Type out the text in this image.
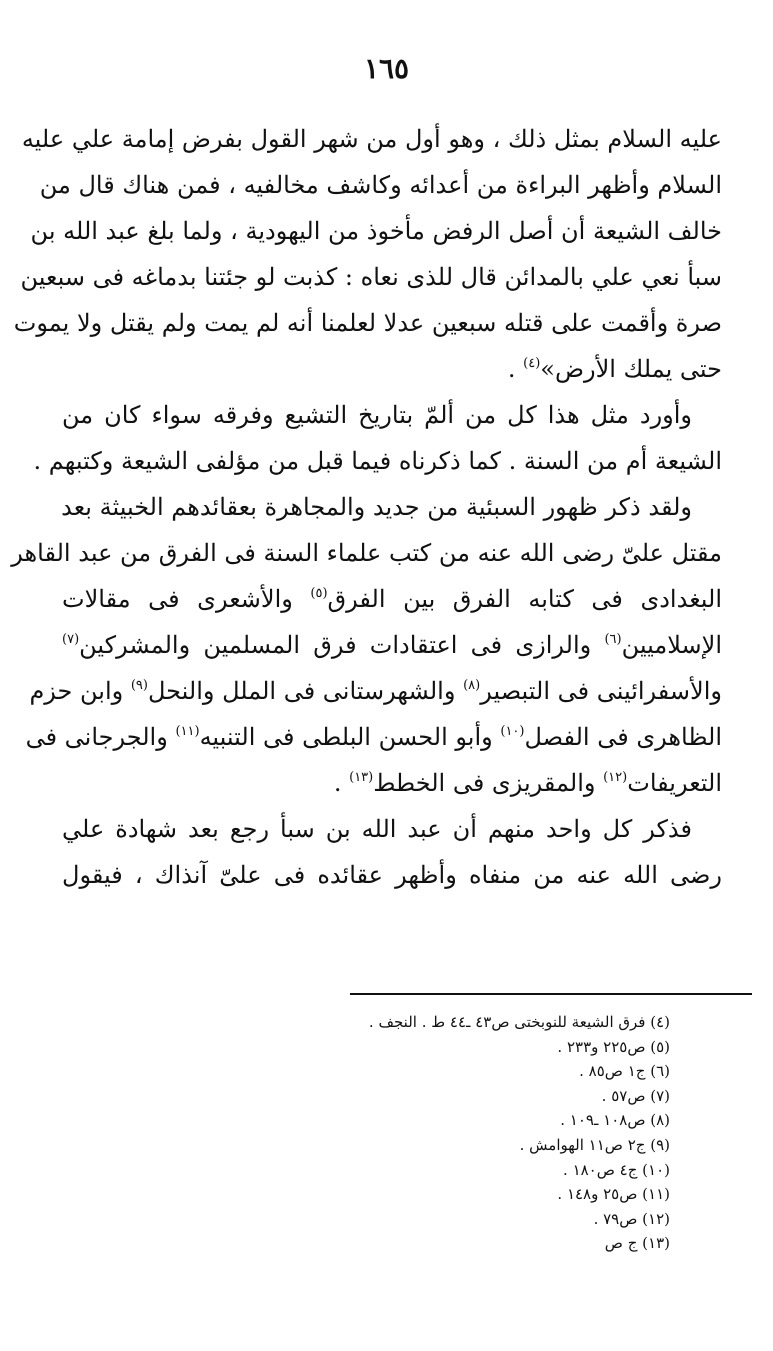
١٦٥
عليه السلام بمثل ذلك ، وهو أول من شهر القول بفرض إمامة علي عليه
السلام وأظهر البراءة من أعدائه وكاشف مخالفيه ، فمن هناك قال من
خالف الشيعة أن أصل الرفض مأخوذ من اليهودية ، ولما بلغ عبد الله بن
سبأ نعي علي بالمدائن قال للذى نعاه : كذبت لو جئتنا بدماغه فى سبعين
صرة وأقمت على قتله سبعين عدلا لعلمنا أنه لم يمت ولم يقتل ولا يموت
حتى يملك الأرض»$^{(٤)}$ .
وأورد مثل هذا كل من ألمّ بتاريخ التشيع وفرقه سواء كان من
الشيعة أم من السنة . كما ذكرناه فيما قبل من مؤلفى الشيعة وكتبهم .
ولقد ذكر ظهور السبئية من جديد والمجاهرة بعقائدهم الخبيثة بعد
مقتل علىّ رضى الله عنه من كتب علماء السنة فى الفرق من عبد القاهر
البغدادى فى كتابه الفرق بين الفرق$^{(٥)}$ والأشعرى فى مقالات
الإسلاميين$^{(٦)}$ والرازى فى اعتقادات فرق المسلمين والمشركين$^{(٧)}$
والأسفرائينى فى التبصير$^{(٨)}$ والشهرستانى فى الملل والنحل$^{(٩)}$ وابن حزم
الظاهرى فى الفصل$^{(١٠)}$ وأبو الحسن البلطى فى التنبيه$^{(١١)}$ والجرجانى فى
التعريفات$^{(١٢)}$ والمقريزى فى الخطط$^{(١٣)}$ .
فذكر كل واحد منهم أن عبد الله بن سبأ رجع بعد شهادة علي
رضى الله عنه من منفاه وأظهر عقائده فى علىّ آنذاك ، فيقول
(٤) فرق الشيعة للنوبختى ص٤٣ ـ٤٤ ط . النجف .
(٥) ص٢٢٥ و٢٣٣ .
(٦) ج١ ص٨٥ .
(٧) ص٥٧ .
(٨) ص١٠٨ ـ١٠٩ .
(٩) ج٢ ص١١ الهوامش .
(١٠) ج٤ ص١٨٠ .
(١١) ص٢٥ و١٤٨ .
(١٢) ص٧٩ .
(١٣) ج ص
